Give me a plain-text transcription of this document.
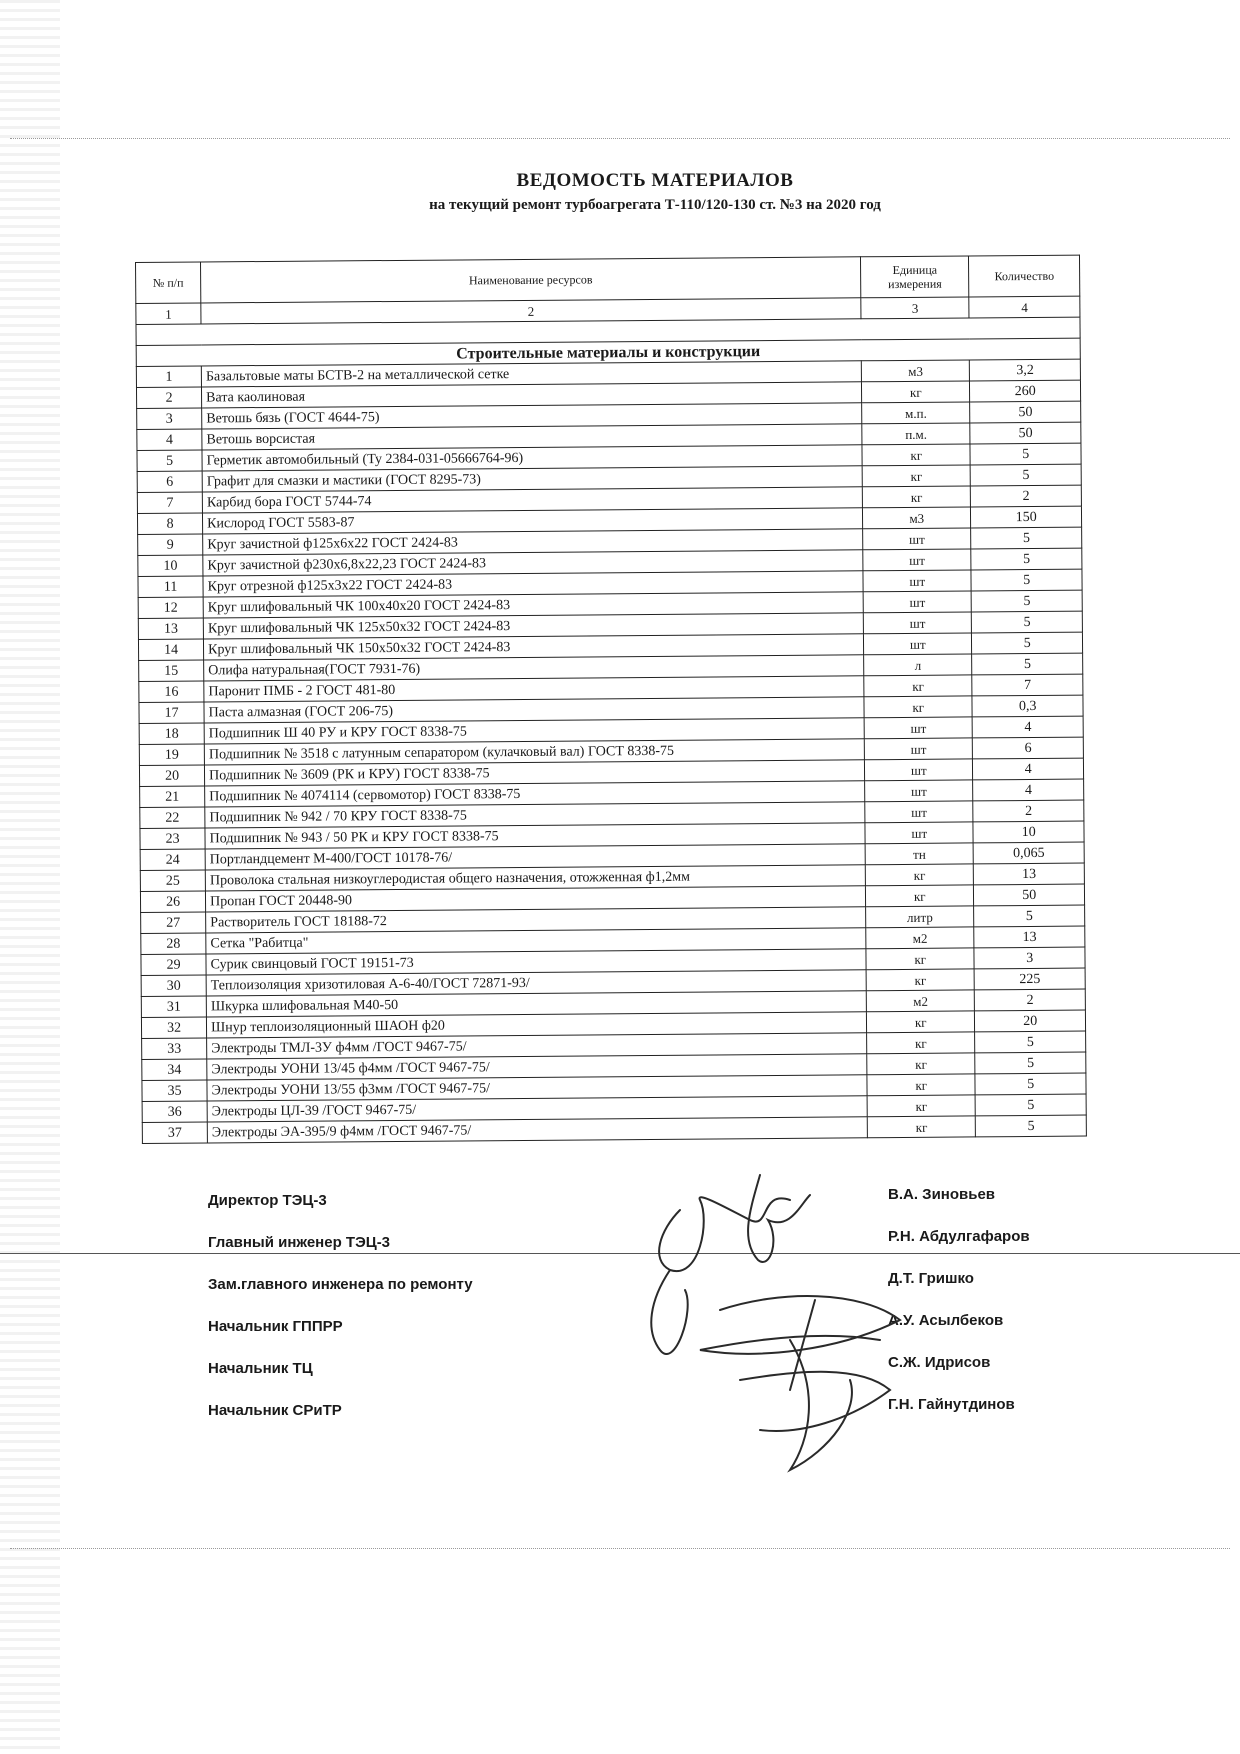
ВЕДОМОСТЬ МАТЕРИАЛОВ

на текущий ремонт турбоагрегата Т-110/120-130 ст. №3 на 2020 год

№ п/п	Наименование ресурсов	Единица измерения	Количество
1	2	3	4

Строительные материалы и конструкции			
1	Базальтовые маты БСТВ-2 на металлической сетке	м3	3,2
2	Вата каолиновая	кг	260
3	Ветошь бязь (ГОСТ 4644-75)	м.п.	50
4	Ветошь ворсистая	п.м.	50
5	Герметик автомобильный (Ту 2384-031-05666764-96)	кг	5
6	Графит для смазки и мастики (ГОСТ 8295-73)	кг	5
7	Карбид бора ГОСТ 5744-74	кг	2
8	Кислород ГОСТ 5583-87	м3	150
9	Круг зачистной ф125х6х22 ГОСТ 2424-83	шт	5
10	Круг зачистной ф230х6,8х22,23 ГОСТ 2424-83	шт	5
11	Круг отрезной ф125х3х22 ГОСТ 2424-83	шт	5
12	Круг шлифовальный ЧК 100х40х20 ГОСТ 2424-83	шт	5
13	Круг шлифовальный ЧК 125х50х32 ГОСТ 2424-83	шт	5
14	Круг шлифовальный ЧК 150х50х32 ГОСТ 2424-83	шт	5
15	Олифа натуральная(ГОСТ 7931-76)	л	5
16	Паронит ПМБ - 2 ГОСТ 481-80	кг	7
17	Паста алмазная (ГОСТ 206-75)	кг	0,3
18	Подшипник Ш 40 РУ и КРУ ГОСТ 8338-75	шт	4
19	Подшипник № 3518 с латунным сепаратором (кулачковый вал) ГОСТ 8338-75	шт	6
20	Подшипник № 3609 (РК и КРУ) ГОСТ 8338-75	шт	4
21	Подшипник № 4074114 (сервомотор) ГОСТ 8338-75	шт	4
22	Подшипник № 942 / 70 КРУ ГОСТ 8338-75	шт	2
23	Подшипник № 943 / 50 РК и КРУ ГОСТ 8338-75	шт	10
24	Портландцемент М-400/ГОСТ 10178-76/	тн	0,065
25	Проволока стальная низкоуглеродистая общего назначения, отожженная ф1,2мм	кг	13
26	Пропан ГОСТ 20448-90	кг	50
27	Растворитель ГОСТ 18188-72	литр	5
28	Сетка "Рабитца"	м2	13
29	Сурик свинцовый ГОСТ 19151-73	кг	3
30	Теплоизоляция хризотиловая А-6-40/ГОСТ 72871-93/	кг	225
31	Шкурка шлифовальная М40-50	м2	2
32	Шнур теплоизоляционный ШАОН ф20	кг	20
33	Электроды ТМЛ-3У ф4мм /ГОСТ 9467-75/	кг	5
34	Электроды УОНИ 13/45 ф4мм /ГОСТ 9467-75/	кг	5
35	Электроды УОНИ 13/55 ф3мм /ГОСТ 9467-75/	кг	5
36	Электроды ЦЛ-39 /ГОСТ 9467-75/	кг	5
37	Электроды ЭА-395/9 ф4мм /ГОСТ 9467-75/	кг	5
Директор ТЭЦ-3	В.А. Зиновьев
Главный инженер ТЭЦ-3	Р.Н. Абдулгафаров
Зам.главного инженера по ремонту	Д.Т. Гришко
Начальник ГППРР	А.У. Асылбеков
Начальник ТЦ	С.Ж. Идрисов
Начальник СРиТР	Г.Н. Гайнутдинов
